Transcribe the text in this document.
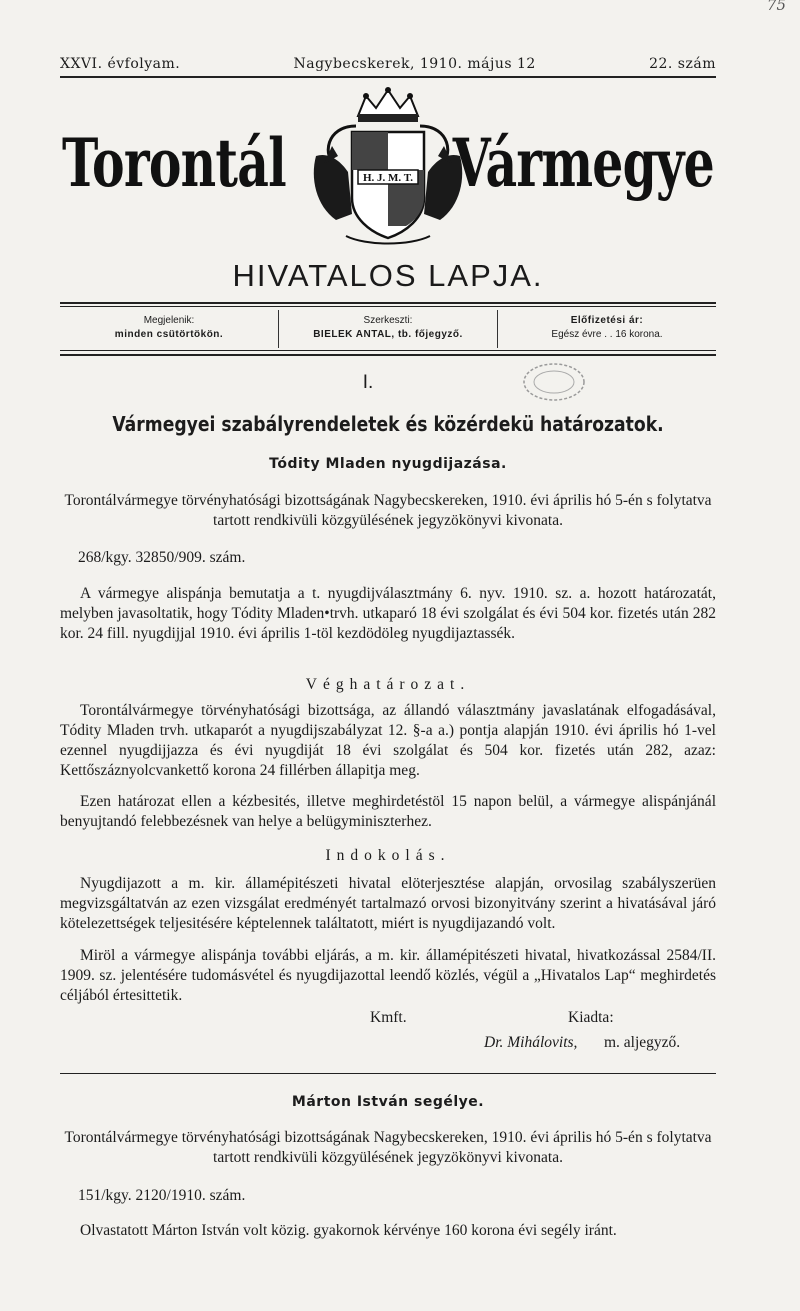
75
XXVI. évfolyam.	Nagybecskerek, 1910. május 12	22. szám
Torontál	H. J. M. T. Vármegye
HIVATALOS LAPJA.
Megjelenik:
minden csütörtökön.
Szerkeszti:
BIELEK ANTAL, tb. főjegyző.
Előfizetési ár:
Egész évre . . 16 korona.
I.
Vármegyei szabályrendeletek és közérdekü határozatok.
Tódity Mladen nyugdijazása.

Torontálvármegye törvényhatósági bizottságának Nagybecskereken, 1910. évi április hó 5-én s folytatva tartott rendkivüli közgyülésének jegyzökönyvi kivonata.

268/kgy. 32850/909. szám.

A vármegye alispánja bemutatja a t. nyugdijválasztmány 6. nyv. 1910. sz. a. hozott határozatát, melyben javasoltatik, hogy Tódity Mladen•trvh. utkaparó 18 évi szolgálat és évi 504 kor. fizetés után 282 kor. 24 fill. nyugdijjal 1910. évi április 1-töl kezdödöleg nyugdijaztassék.

Véghatározat.

Torontálvármegye törvényhatósági bizottsága, az állandó választmány javaslatának elfogadásával, Tódity Mladen trvh. utkaparót a nyugdijszabályzat 12. §-a a.) pontja alapján 1910. évi április hó 1-vel ezennel nyugdijjazza és évi nyugdiját 18 évi szolgálat és 504 kor. fizetés után 282, azaz: Kettőszáznyolcvankettő korona 24 fillérben állapitja meg.

Ezen határozat ellen a kézbesités, illetve meghirdetéstöl 15 napon belül, a vármegye alispánjánál benyujtandó felebbezésnek van helye a belügyminiszterhez.

Indokolás.

Nyugdijazott a m. kir. államépitészeti hivatal elöterjesztése alapján, orvosilag szabályszerüen megvizsgáltatván az ezen vizsgálat eredményét tartalmazó orvosi bizonyitvány szerint a hivatásával járó kötelezettségek teljesitésére képtelennek találtatott, miért is nyugdijazandó volt.

Miröl a vármegye alispánja további eljárás, a m. kir. államépitészeti hivatal, hivatkozással 2584/II. 1909. sz. jelentésére tudomásvétel és nyugdijazottal leendő közlés, végül a „Hivatalos Lap“ meghirdetés céljából értesittetik.

Kmft.	Kiadta:
Dr. Mihálovits, m. aljegyző.
Márton István segélye.

Torontálvármegye törvényhatósági bizottságának Nagybecskereken, 1910. évi április hó 5-én s folytatva tartott rendkivüli közgyülésének jegyzökönyvi kivonata.

151/kgy. 2120/1910. szám.

Olvastatott Márton István volt közig. gyakornok kérvénye 160 korona évi segély iránt.
